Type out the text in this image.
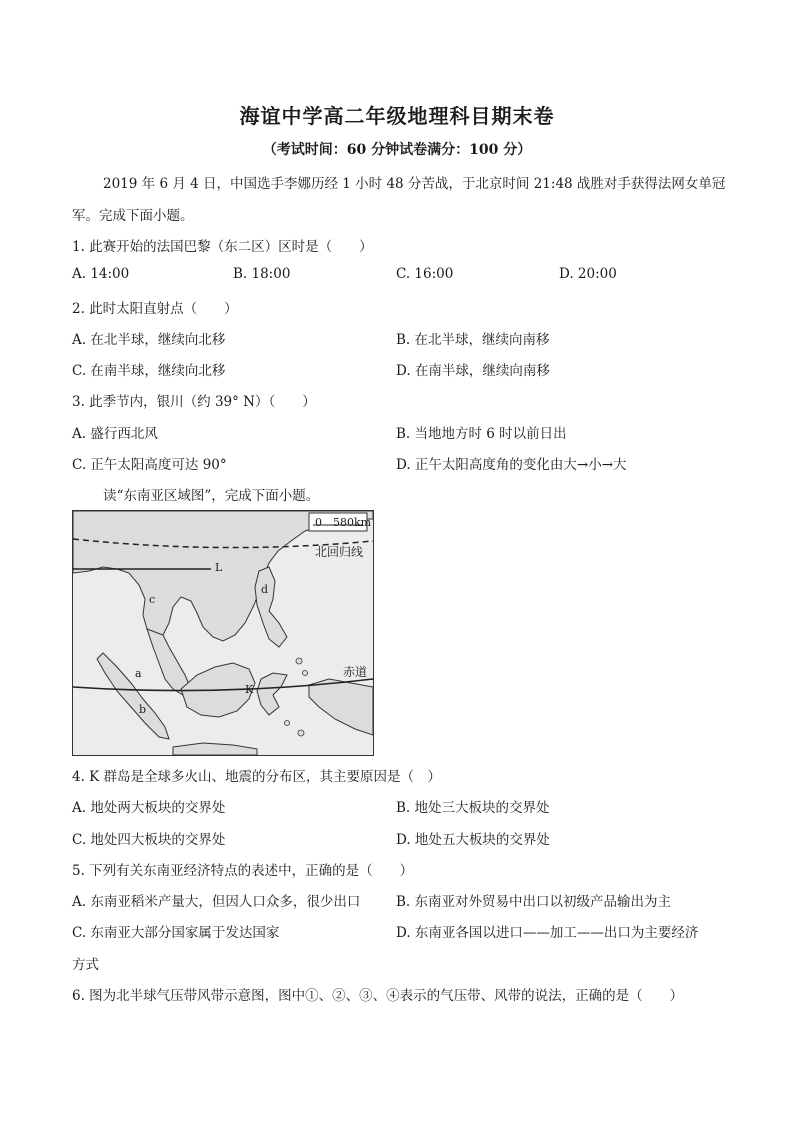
海谊中学高二年级地理科目期末卷
（考试时间：60 分钟试卷满分：100 分）
2019 年 6 月 4 日，中国选手李娜历经 1 小时 48 分苦战，于北京时间 21:48 战胜对手获得法网女单冠
军。完成下面小题。
1. 此赛开始的法国巴黎（东二区）区时是（　　）
A. 14:00	B. 18:00	C. 16:00	D. 20:00
2. 此时太阳直射点（　　）
A. 在北半球，继续向北移	B. 在北半球，继续向南移
C. 在南半球，继续向北移	D. 在南半球，继续向南移
3. 此季节内，银川（约 39° N）（　　）
A. 盛行西北风	B. 当地地方时 6 时以前日出
C. 正午太阳高度可达 90°	D. 正午太阳高度角的变化由大→小→大
读“东南亚区域图”，完成下面小题。
0　580km
北回归线
赤道
L
K
a
b
c
d
4. K 群岛是全球多火山、地震的分布区，其主要原因是（　）
A. 地处两大板块的交界处	B. 地处三大板块的交界处
C. 地处四大板块的交界处	D. 地处五大板块的交界处
5. 下列有关东南亚经济特点的表述中，正确的是（　　）
A. 东南亚稻米产量大，但因人口众多，很少出口	B. 东南亚对外贸易中出口以初级产品输出为主
C. 东南亚大部分国家属于发达国家	D. 东南亚各国以进口——加工——出口为主要经济
方式
6. 图为北半球气压带风带示意图，图中①、②、③、④表示的气压带、风带的说法，正确的是（　　）
